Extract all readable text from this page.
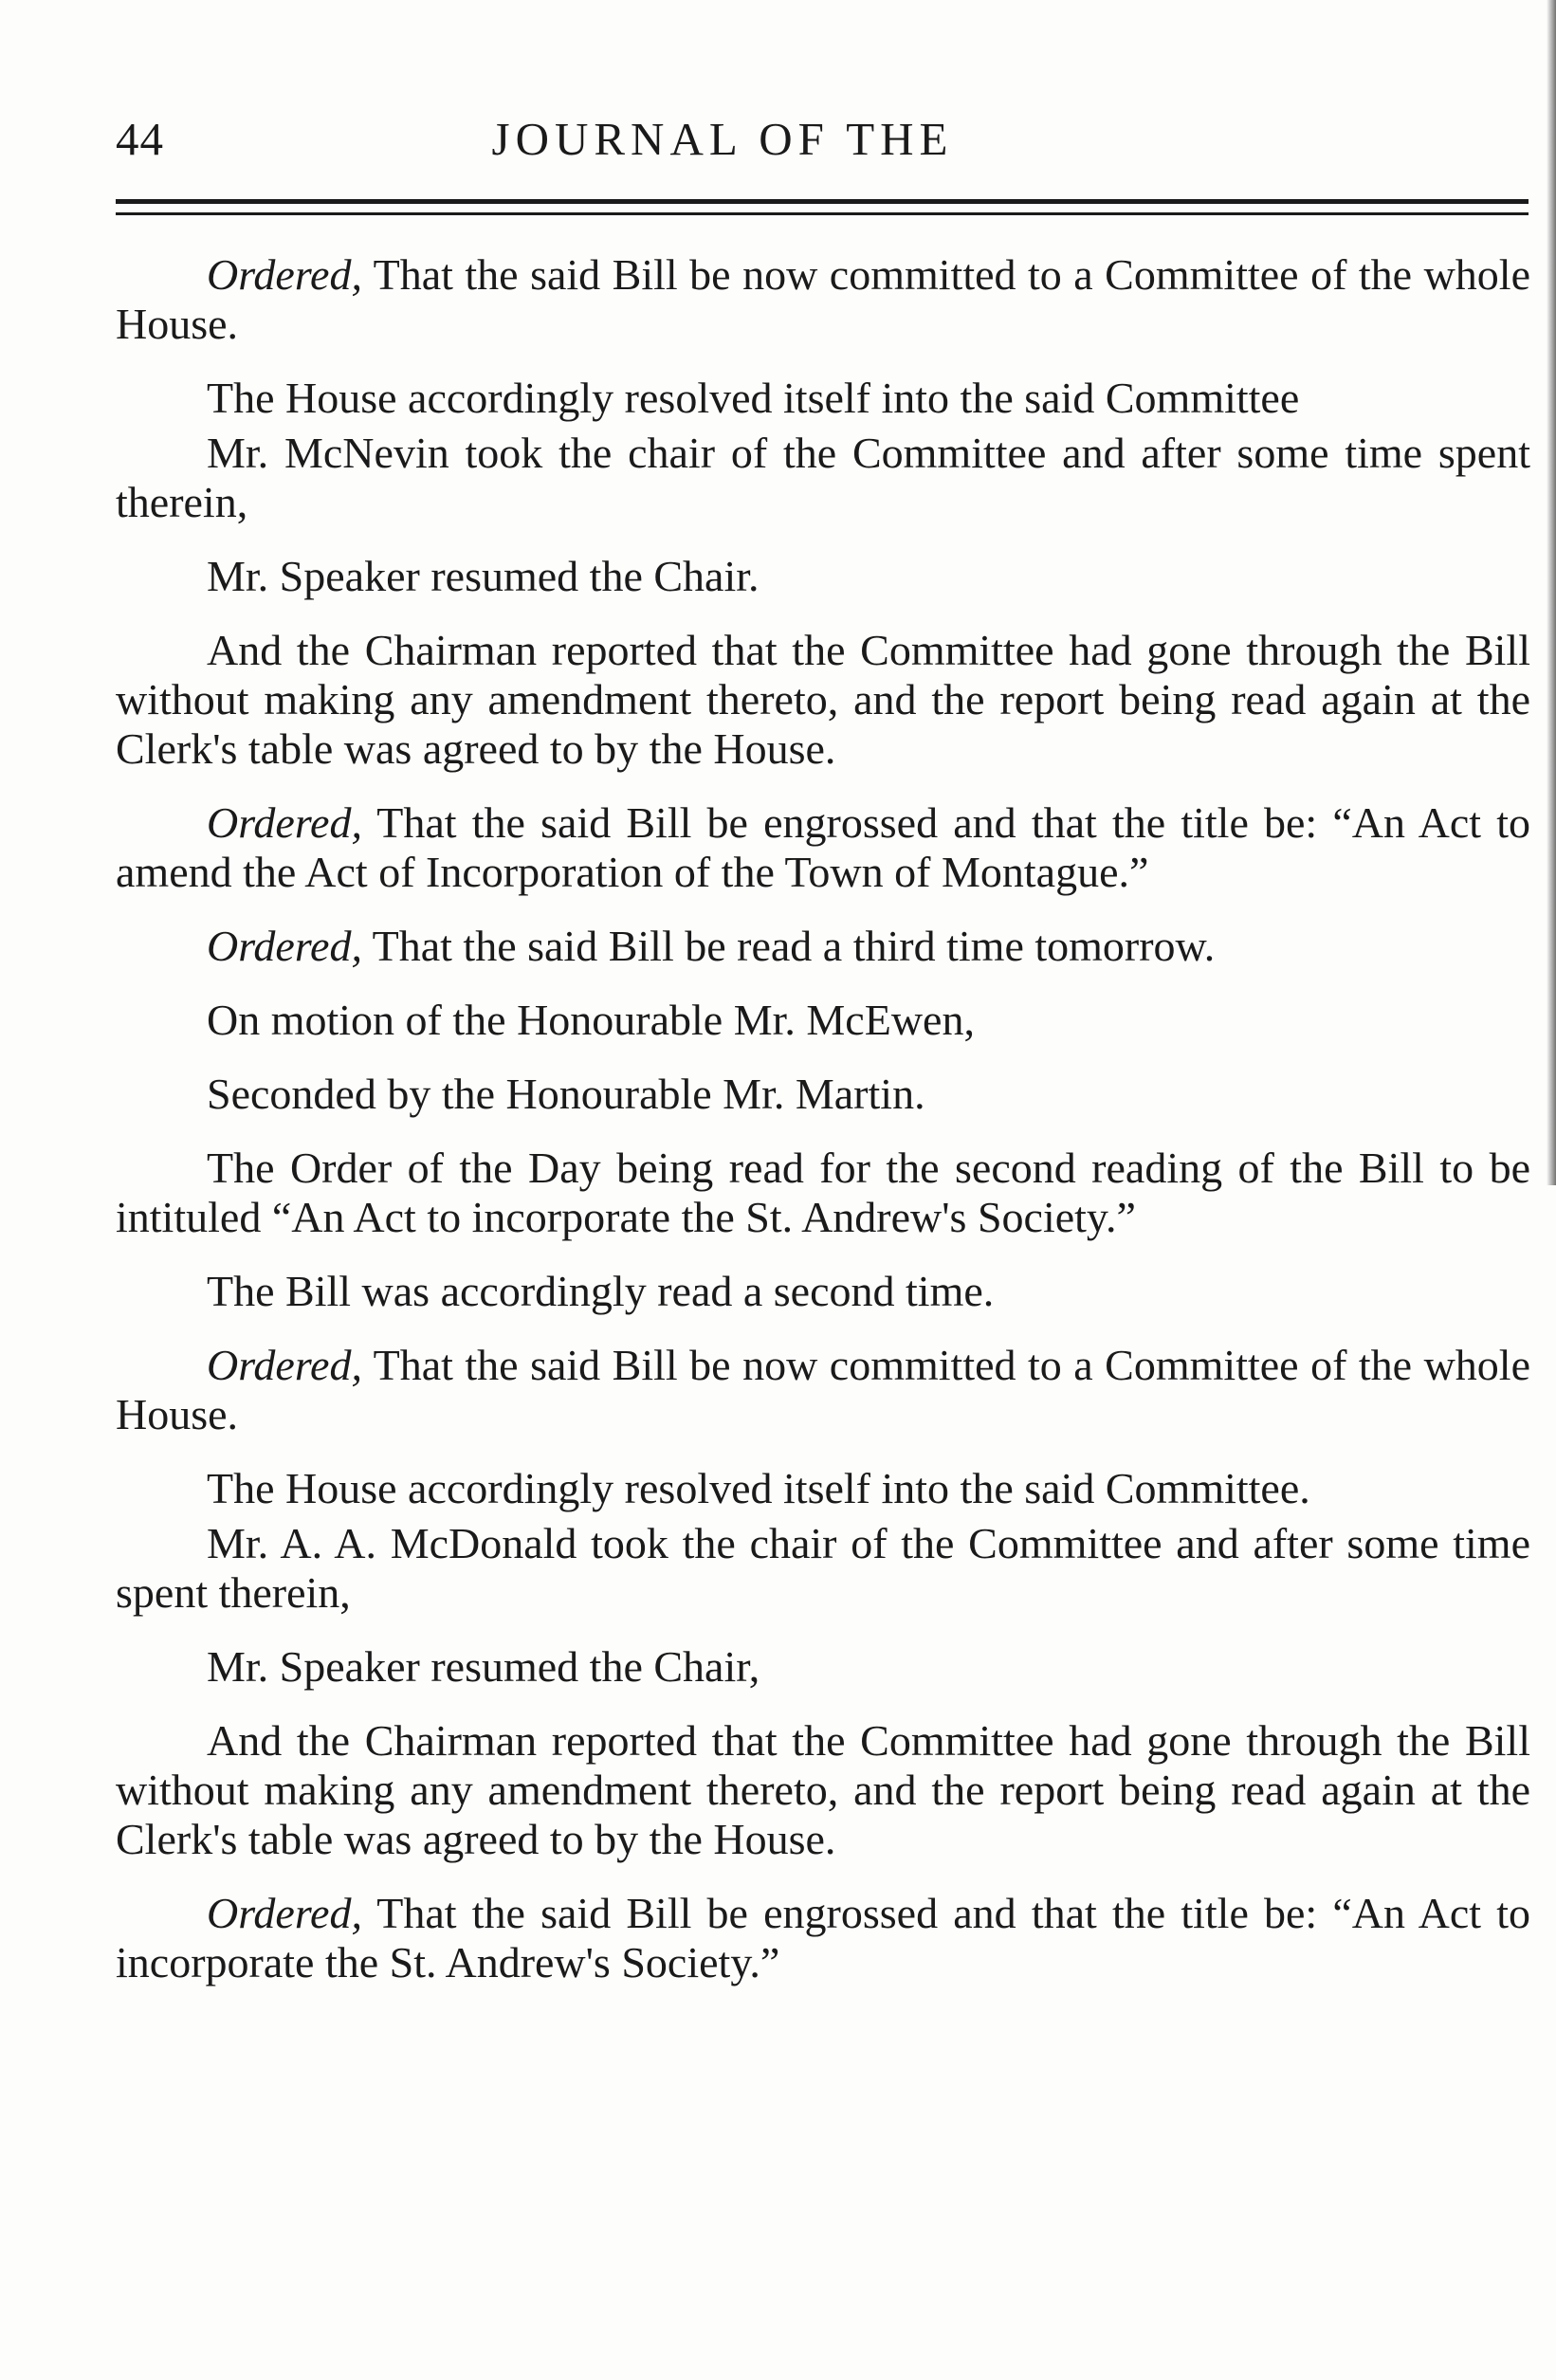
44	JOURNAL OF THE

Ordered, That the said Bill be now committed to a Committee of the whole House.

The House accordingly resolved itself into the said Committee

Mr. McNevin took the chair of the Committee and after some time spent therein,

Mr. Speaker resumed the Chair.

And the Chairman reported that the Committee had gone through the Bill without making any amendment thereto, and the report being read again at the Clerk's table was agreed to by the House.

Ordered, That the said Bill be engrossed and that the title be: “An Act to amend the Act of Incorporation of the Town of Montague.”

Ordered, That the said Bill be read a third time tomorrow.

On motion of the Honourable Mr. McEwen,

Seconded by the Honourable Mr. Martin.

The Order of the Day being read for the second reading of the Bill to be intituled “An Act to incorporate the St. Andrew's Society.”

The Bill was accordingly read a second time.

Ordered, That the said Bill be now committed to a Committee of the whole House.

The House accordingly resolved itself into the said Committee.

Mr. A. A. McDonald took the chair of the Committee and after some time spent therein,

Mr. Speaker resumed the Chair,

And the Chairman reported that the Committee had gone through the Bill without making any amendment thereto, and the report being read again at the Clerk's table was agreed to by the House.

Ordered, That the said Bill be engrossed and that the title be: “An Act to incorporate the St. Andrew's Society.”
